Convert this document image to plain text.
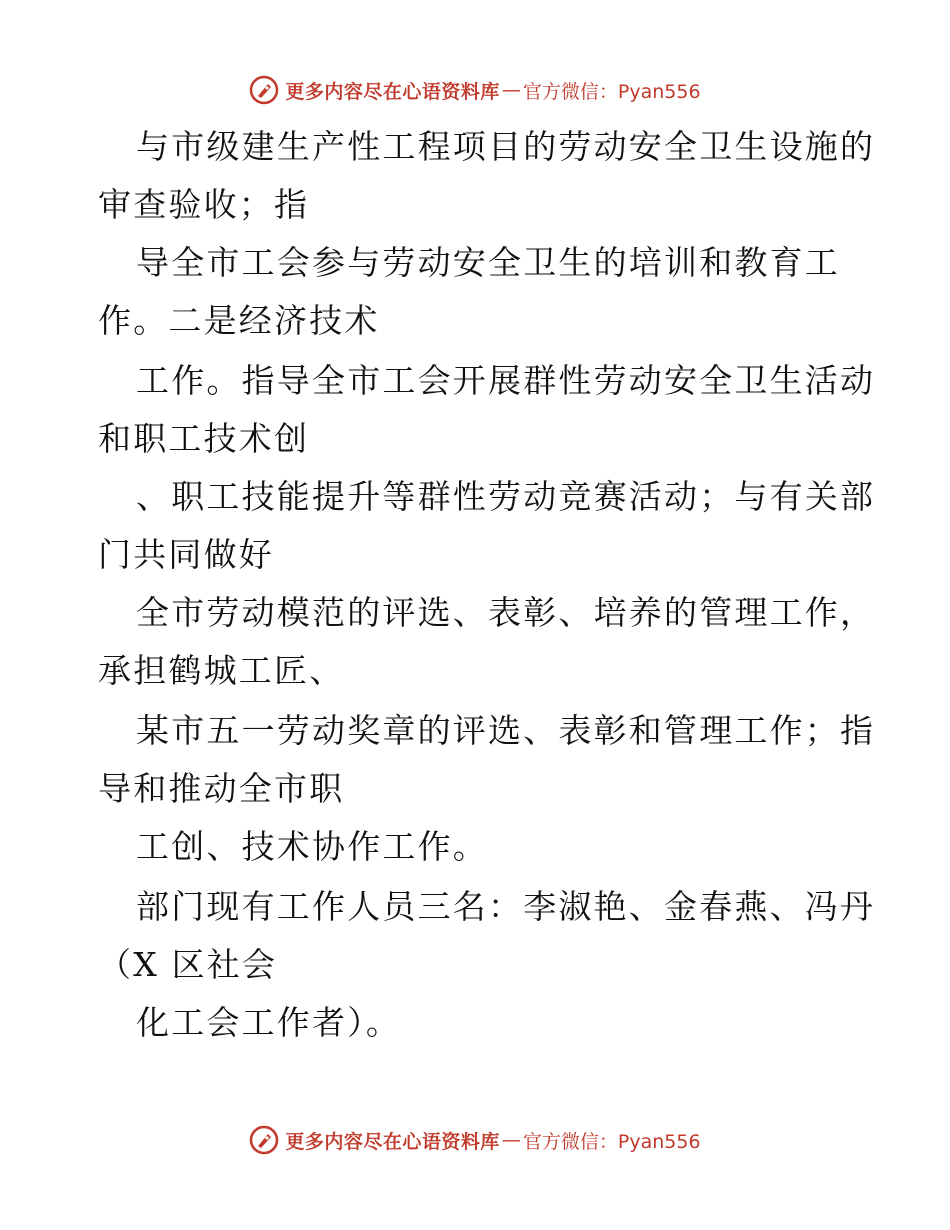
更多内容尽在心语资料库 — 官方微信：Pyan556
与市级建生产性工程项目的劳动安全卫生设施的
审查验收；指
导全市工会参与劳动安全卫生的培训和教育工
作。二是经济技术
工作。指导全市工会开展群性劳动安全卫生活动
和职工技术创
、职工技能提升等群性劳动竞赛活动；与有关部
门共同做好
全市劳动模范的评选、表彰、培养的管理工作，
承担鹤城工匠、
某市五一劳动奖章的评选、表彰和管理工作；指
导和推动全市职
工创、技术协作工作。
部门现有工作人员三名：李淑艳、金春燕、冯丹
（X 区社会
化工会工作者）。
更多内容尽在心语资料库 — 官方微信：Pyan556
